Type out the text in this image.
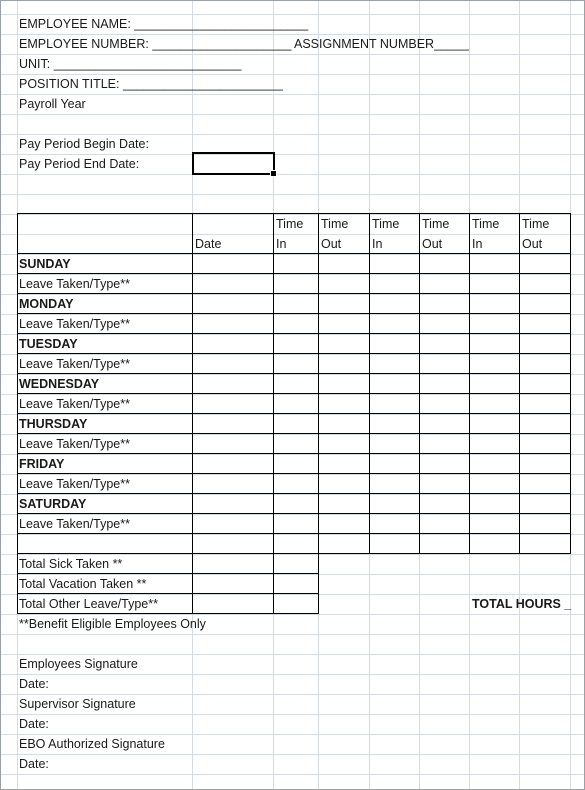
EMPLOYEE NAME: _________________________
EMPLOYEE NUMBER: ____________________ ASSIGNMENT NUMBER_____
UNIT: ___________________________
POSITION TITLE: _______________________
Payroll Year
Pay Period Begin Date:
Pay Period End Date:
Date
Time
In
Time
Out
Time
In
Time
Out
Time
In
Time
Out
SUNDAY
Leave Taken/Type**
MONDAY
Leave Taken/Type**
TUESDAY
Leave Taken/Type**
WEDNESDAY
Leave Taken/Type**
THURSDAY
Leave Taken/Type**
FRIDAY
Leave Taken/Type**
SATURDAY
Leave Taken/Type**
Total Sick Taken **
Total Vacation Taken **
Total Other Leave/Type**	TOTAL HOURS _
**Benefit Eligible Employees Only
Employees Signature
Date:
Supervisor Signature
Date:
EBO Authorized Signature
Date:
